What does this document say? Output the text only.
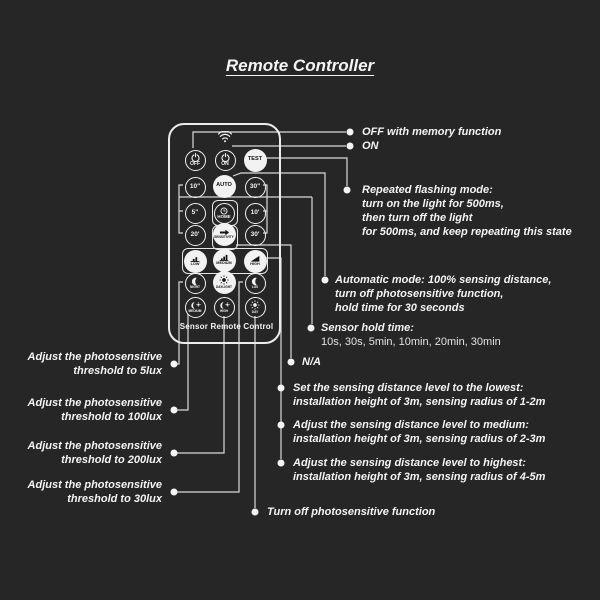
Remote Controller
OFF	ON
TEST
10"	AUTO	30"
5"
HOME
10'
20'	SENSITIVITY	30'
LOW	MEDIUM	HIGH
NIGHT	DAYLIGHT	LUX
MEDIUM	HIGH	DAY
Sensor Remote Control
OFF with memory function
ON
Repeated flashing mode:
turn on the light for 500ms,
then turn off the light
for 500ms, and keep repeating this state
Automatic mode: 100% sensing distance,
turn off photosensitive function,
hold time for 30 seconds
Sensor hold time:
10s, 30s, 5min, 10min, 20min, 30min
N/A
Set the sensing distance level to the lowest:
installation height of 3m, sensing radius of 1-2m
Adjust the sensing distance level to medium:
installation height of 3m, sensing radius of 2-3m
Adjust the sensing distance level to highest:
installation height of 3m, sensing radius of 4-5m
Turn off photosensitive function
Adjust the photosensitive
threshold to 5lux
Adjust the photosensitive
threshold to 100lux
Adjust the photosensitive
threshold to 200lux
Adjust the photosensitive
threshold to 30lux
